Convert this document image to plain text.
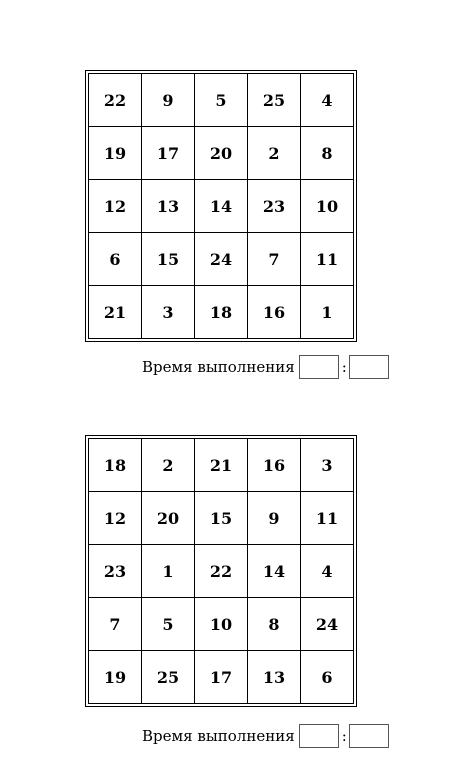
22	9	5	25	4
19	17	20	2	8
12	13	14	23	10
6	15	24	7	11
21	3	18	16	1
Время выполнения	:
18	2	21	16	3
12	20	15	9	11
23	1	22	14	4
7	5	10	8	24
19	25	17	13	6
Время выполнения	:
